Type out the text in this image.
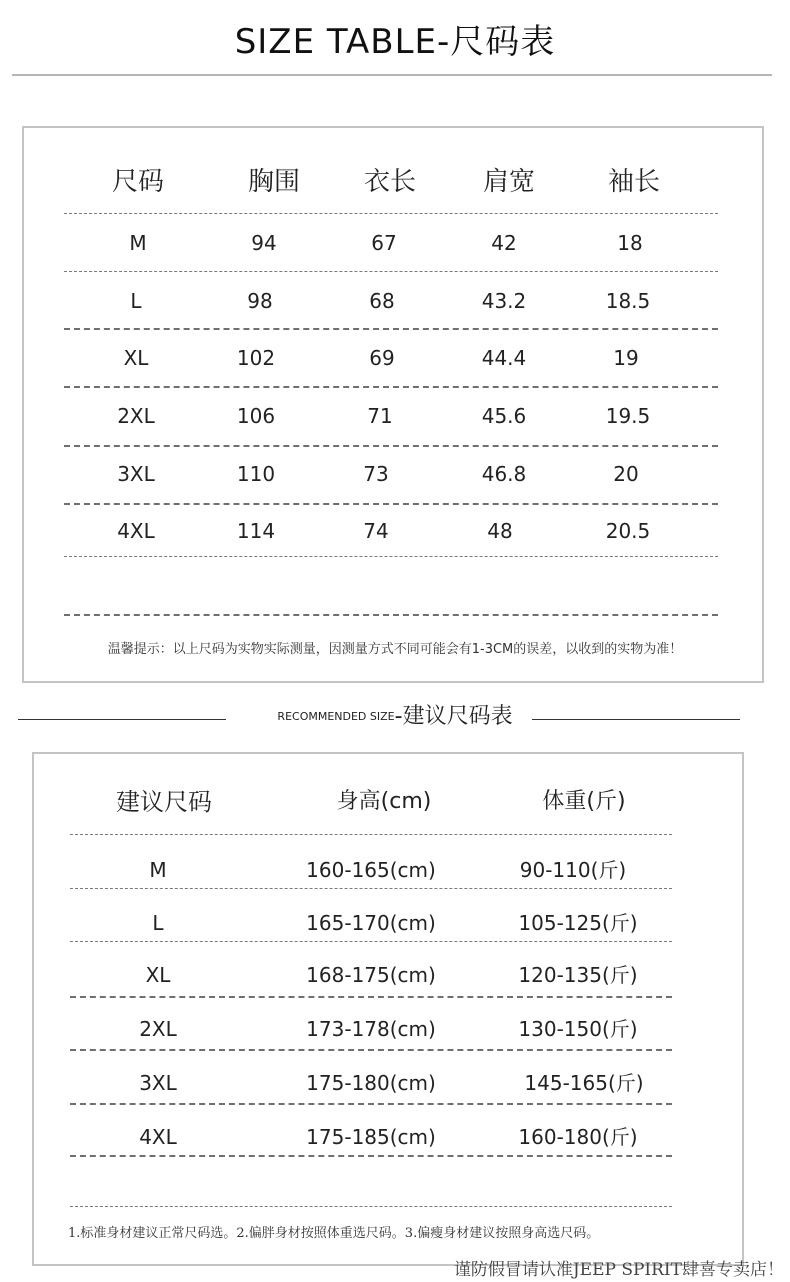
SIZE TABLE-尺码表
尺码	胸围	衣长	肩宽	袖长
M	94	67	42	18
L	98	68	43.2	18.5
XL	102	69	44.4	19
2XL	106	71	45.6	19.5
3XL	110	73	46.8	20
4XL	114	74	48	20.5
温馨提示：以上尺码为实物实际测量，因测量方式不同可能会有1-3CM的误差，以收到的实物为准！
RECOMMENDED SIZE-建议尺码表
建议尺码	身高(cm)	体重(斤)
M	160-165(cm)	90-110(斤)
L	165-170(cm)	105-125(斤)
XL	168-175(cm)	120-135(斤)
2XL	173-178(cm)	130-150(斤)
3XL	175-180(cm)	145-165(斤)
4XL	175-185(cm)	160-180(斤)
1.标准身材建议正常尺码选。2.偏胖身材按照体重选尺码。3.偏瘦身材建议按照身高选尺码。
谨防假冒请认准JEEP SPIRIT肆喜专卖店！
